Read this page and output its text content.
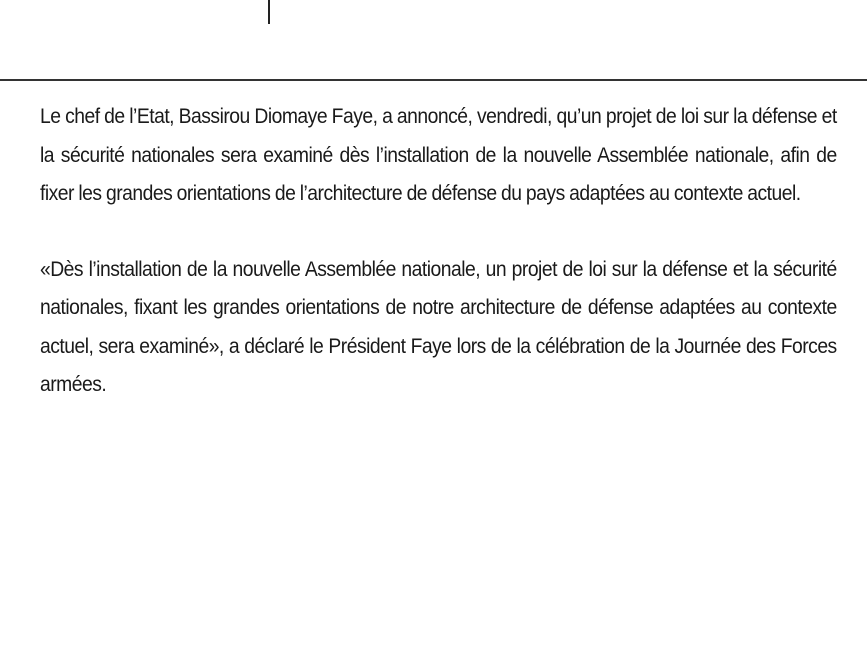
Le chef de l’Etat, Bassirou Diomaye Faye, a annoncé, vendredi, qu’un projet de loi sur la défense et la sécurité nationales sera examiné dès l’installation de la nouvelle Assemblée nationale, afin de fixer les grandes orientations de l’architecture de défense du pays adaptées au contexte actuel.

«Dès l’installation de la nouvelle Assemblée nationale, un projet de loi sur la défense et la sécurité nationales, fixant les grandes orientations de notre architecture de défense adaptées au contexte actuel, sera examiné», a déclaré le Président Faye lors de la célébration de la Journée des Forces armées.
